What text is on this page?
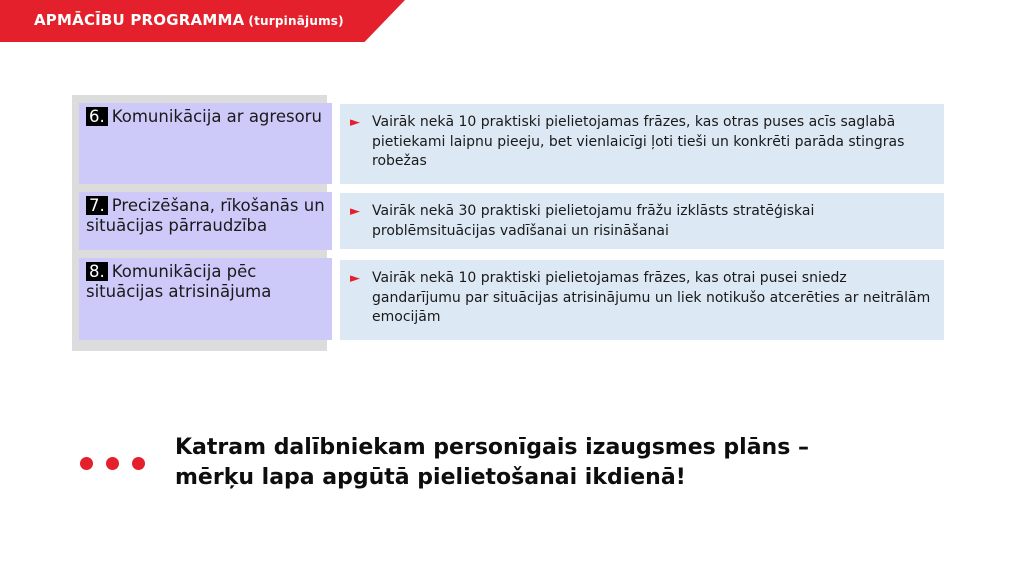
APMĀCĪBU PROGRAMMA (turpinājums)
6. Komunikācija ar agresoru	► Vairāk nekā 10 praktiski pielietojamas frāzes, kas otras puses acīs saglabā pietiekami laipnu pieeju, bet vienlaicīgi ļoti tieši un konkrēti parāda stingras robežas
7. Precizēšana, rīkošanās un situācijas pārraudzība
► Vairāk nekā 30 praktiski pielietojamu frāžu izklāsts stratēģiskai problēmsituācijas vadīšanai un risināšanai
8. Komunikācija pēc situācijas atrisinājuma
► Vairāk nekā 10 praktiski pielietojamas frāzes, kas otrai pusei sniedz gandarījumu par situācijas atrisinājumu un liek notikušo atcerēties ar neitrālām emocijām
Katram dalībniekam personīgais izaugsmes plāns –
mērķu lapa apgūtā pielietošanai ikdienā!
